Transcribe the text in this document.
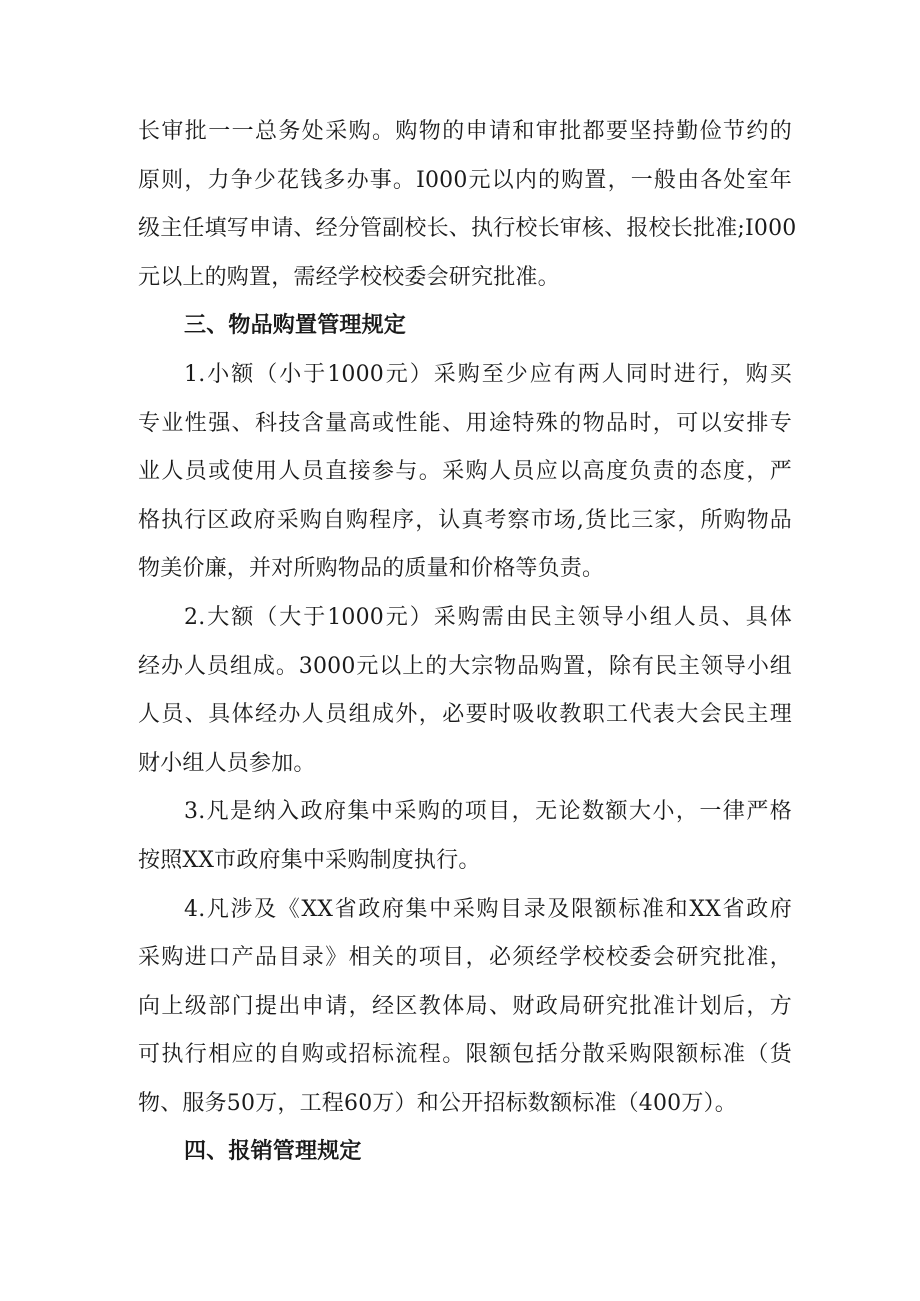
长审批一一总务处采购。购物的申请和审批都要坚持勤俭节约的
原则，力争少花钱多办事。I000元以内的购置，一般由各处室年
级主任填写申请、经分管副校长、执行校长审核、报校长批准;I000
元以上的购置，需经学校校委会研究批准。
三、物品购置管理规定
1.小额（小于1000元）采购至少应有两人同时进行，购买
专业性强、科技含量高或性能、用途特殊的物品时，可以安排专
业人员或使用人员直接参与。采购人员应以高度负责的态度，严
格执行区政府采购自购程序，认真考察市场,货比三家，所购物品
物美价廉，并对所购物品的质量和价格等负责。
2.大额（大于1000元）采购需由民主领导小组人员、具体
经办人员组成。3000元以上的大宗物品购置，除有民主领导小组
人员、具体经办人员组成外，必要时吸收教职工代表大会民主理
财小组人员参加。
3.凡是纳入政府集中采购的项目，无论数额大小，一律严格
按照XX市政府集中采购制度执行。
4.凡涉及《XX省政府集中采购目录及限额标准和XX省政府
采购进口产品目录》相关的项目，必须经学校校委会研究批准，
向上级部门提出申请，经区教体局、财政局研究批准计划后，方
可执行相应的自购或招标流程。限额包括分散采购限额标准（货
物、服务50万，工程60万）和公开招标数额标准（400万）。
四、报销管理规定
